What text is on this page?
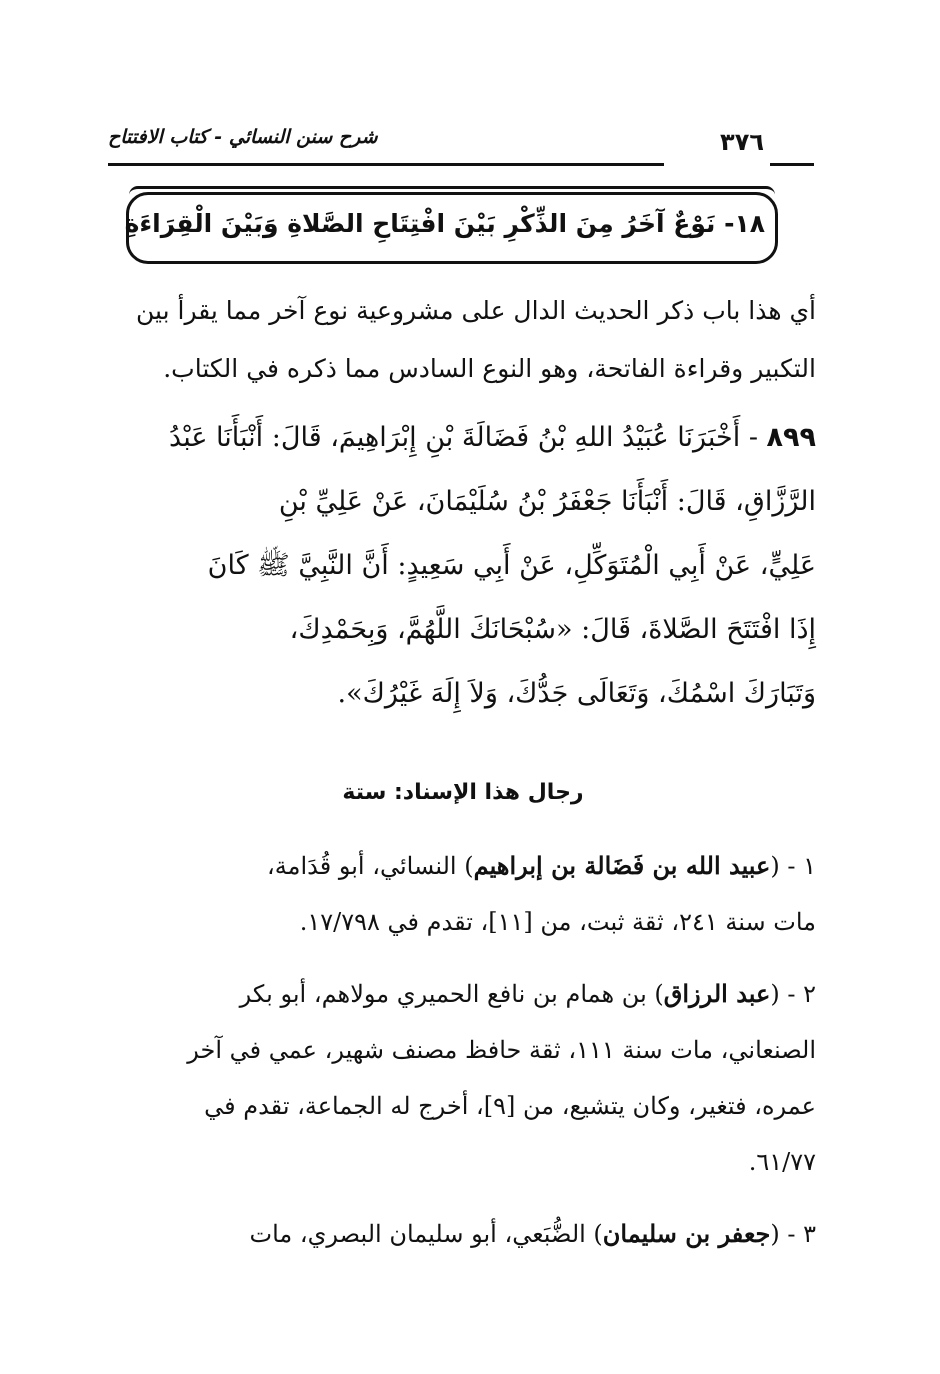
شرح سنن النسائي - كتاب الافتتاح	٣٧٦
١٨- نَوْعٌ آخَرُ مِنَ الذِّكْرِ بَيْنَ افْتِتَاحِ الصَّلاةِ وَبَيْنَ الْقِرَاءَةِ
أي هذا باب ذكر الحديث الدال على مشروعية نوع آخر مما يقرأ بين
التكبير وقراءة الفاتحة، وهو النوع السادس مما ذكره في الكتاب.
٨٩٩ - أَخْبَرَنَا عُبَيْدُ اللهِ بْنُ فَضَالَةَ بْنِ إِبْرَاهِيمَ، قَالَ: أَنْبَأَنَا عَبْدُ
الرَّزَّاقِ، قَالَ: أَنْبَأَنَا جَعْفَرُ بْنُ سُلَيْمَانَ، عَنْ عَلِيِّ بْنِ
عَلِيٍّ، عَنْ أَبِي الْمُتَوَكِّلِ، عَنْ أَبِي سَعِيدٍ: أَنَّ النَّبِيَّ ﷺ كَانَ
إِذَا افْتَتَحَ الصَّلاةَ، قَالَ: «سُبْحَانَكَ اللَّهُمَّ، وَبِحَمْدِكَ،
وَتَبَارَكَ اسْمُكَ، وَتَعَالَى جَدُّكَ، وَلاَ إِلَهَ غَيْرُكَ».
رجال هذا الإسناد: ستة
١ - (عبيد الله بن فَضَالة بن إبراهيم) النسائي، أبو قُدَامة،
مات سنة ٢٤١، ثقة ثبت، من [١١]، تقدم في ١٧/٧٩٨.
٢ - (عبد الرزاق) بن همام بن نافع الحميري مولاهم، أبو بكر
الصنعاني، مات سنة ١١١، ثقة حافظ مصنف شهير، عمي في آخر
عمره، فتغير، وكان يتشيع، من [٩]، أخرج له الجماعة، تقدم في
٦١/٧٧.
٣ - (جعفر بن سليمان) الضُّبَعي، أبو سليمان البصري، مات
